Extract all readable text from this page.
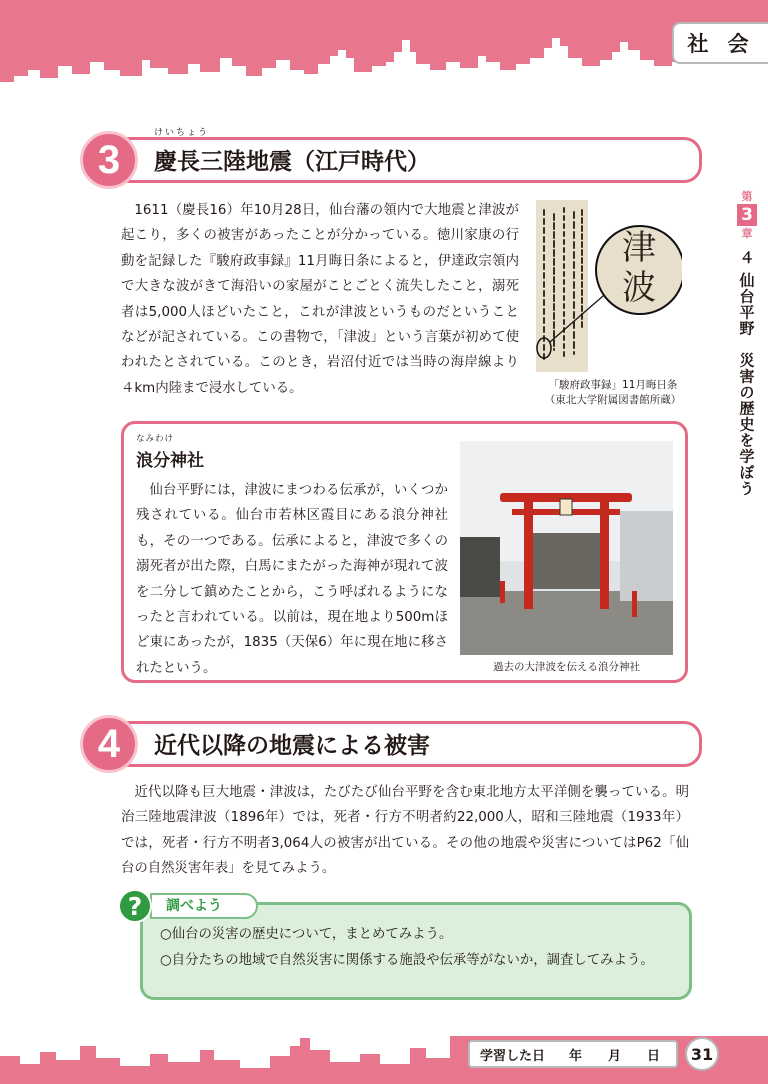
社 会
第
3
章
４ 仙台平野　災害の歴史を学ぼう
3
けいちょう
慶長三陸地震（江戸時代）
1611（慶長16）年10月28日，仙台藩の領内で大地震と津波が起こり，多くの被害があったことが分かっている。徳川家康の行動を記録した『駿府政事録』11月晦日条によると，伊達政宗領内で大きな波がきて海沿いの家屋がことごとく流失したこと，溺死者は5,000人ほどいたこと，これが津波というものだということなどが記されている。この書物で，「津波」という言葉が初めて使われたとされている。このとき，岩沼付近では当時の海岸線より４km内陸まで浸水している。
津波
「駿府政事録」11月晦日条
（東北大学附属図書館所蔵）
なみわけ
浪分神社
仙台平野には，津波にまつわる伝承が，いくつか残されている。仙台市若林区霞目にある浪分神社も，その一つである。伝承によると，津波で多くの溺死者が出た際，白馬にまたがった海神が現れて波を二分して鎮めたことから，こう呼ばれるようになったと言われている。以前は，現在地より500mほど東にあったが，1835（天保6）年に現在地に移されたという。	過去の大津波を伝える浪分神社
4	近代以降の地震による被害
近代以降も巨大地震・津波は，たびたび仙台平野を含む東北地方太平洋側を襲っている。明治三陸地震津波（1896年）では，死者・行方不明者約22,000人，昭和三陸地震（1933年）では，死者・行方不明者3,064人の被害が出ている。その他の地震や災害についてはP62「仙台の自然災害年表」を見てみよう。
調べよう
?
○仙台の災害の歴史について，まとめてみよう。
○自分たちの地域で自然災害に関係する施設や伝承等がないか，調査してみよう。
学習した日 年 月 日	31
